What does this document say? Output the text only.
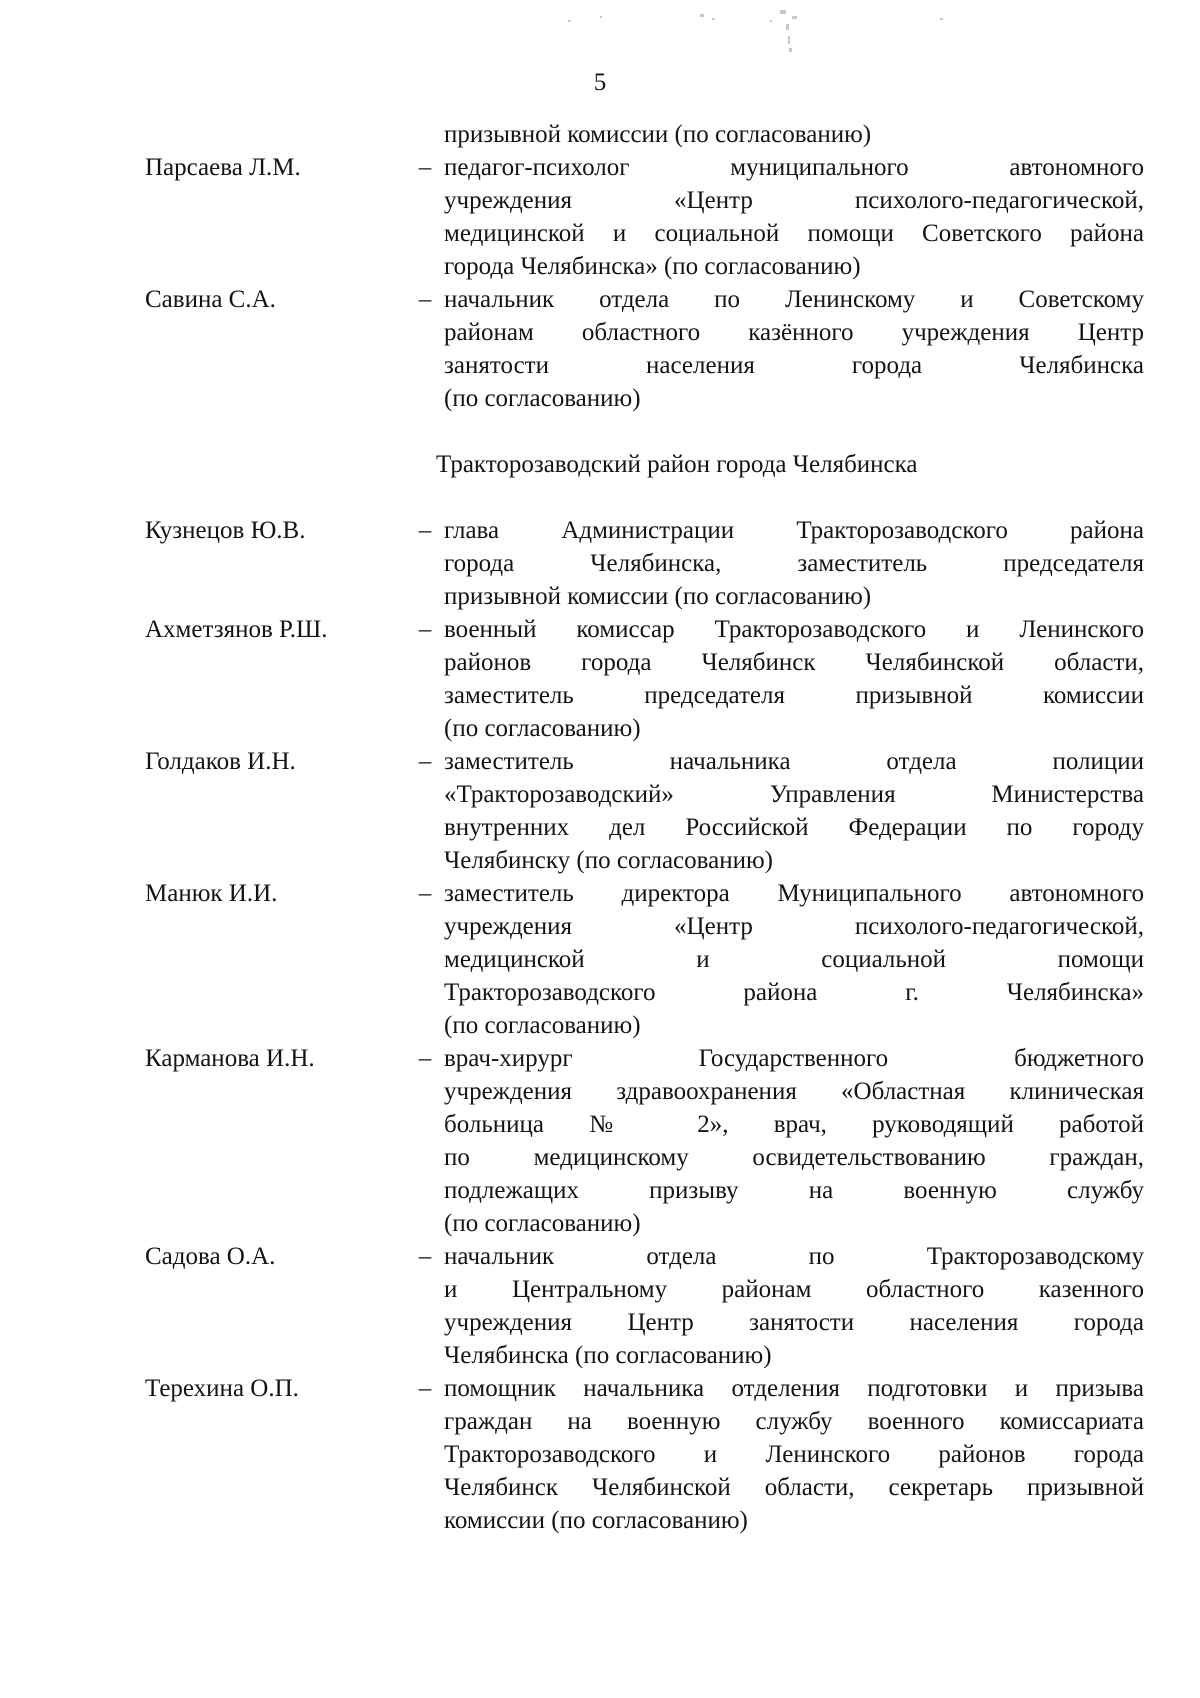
5
призывной комиссии (по согласованию)
Парсаева Л.М.	– педагог-психолог муниципального автономного
учреждения «Центр психолого-педагогической,
медицинской и социальной помощи Советского района
города Челябинска» (по согласованию)
Савина С.А.	– начальник отдела по Ленинскому и Советскому
районам областного казённого учреждения Центр
занятости населения города Челябинска
(по согласованию)
Тракторозаводский район города Челябинска
Кузнецов Ю.В.	– глава Администрации Тракторозаводского района
города Челябинска, заместитель председателя
призывной комиссии (по согласованию)
Ахметзянов Р.Ш.	– военный комиссар Тракторозаводского и Ленинского
районов города Челябинск Челябинской области,
заместитель председателя призывной комиссии
(по согласованию)
Голдаков И.Н.	– заместитель начальника отдела полиции
«Тракторозаводский» Управления Министерства
внутренних дел Российской Федерации по городу
Челябинску (по согласованию)
Манюк И.И.	– заместитель директора Муниципального автономного
учреждения «Центр психолого-педагогической,
медицинской и социальной помощи
Тракторозаводского района г. Челябинска»
(по согласованию)
Карманова И.Н.	– врач-хирург Государственного бюджетного
учреждения здравоохранения «Областная клиническая
больница № 2», врач, руководящий работой
по медицинскому освидетельствованию граждан,
подлежащих призыву на военную службу
(по согласованию)
Садова О.А.	– начальник отдела по Тракторозаводскому
и Центральному районам областного казенного
учреждения Центр занятости населения города
Челябинска (по согласованию)
Терехина О.П.	– помощник начальника отделения подготовки и призыва
граждан на военную службу военного комиссариата
Тракторозаводского и Ленинского районов города
Челябинск Челябинской области, секретарь призывной
комиссии (по согласованию)
